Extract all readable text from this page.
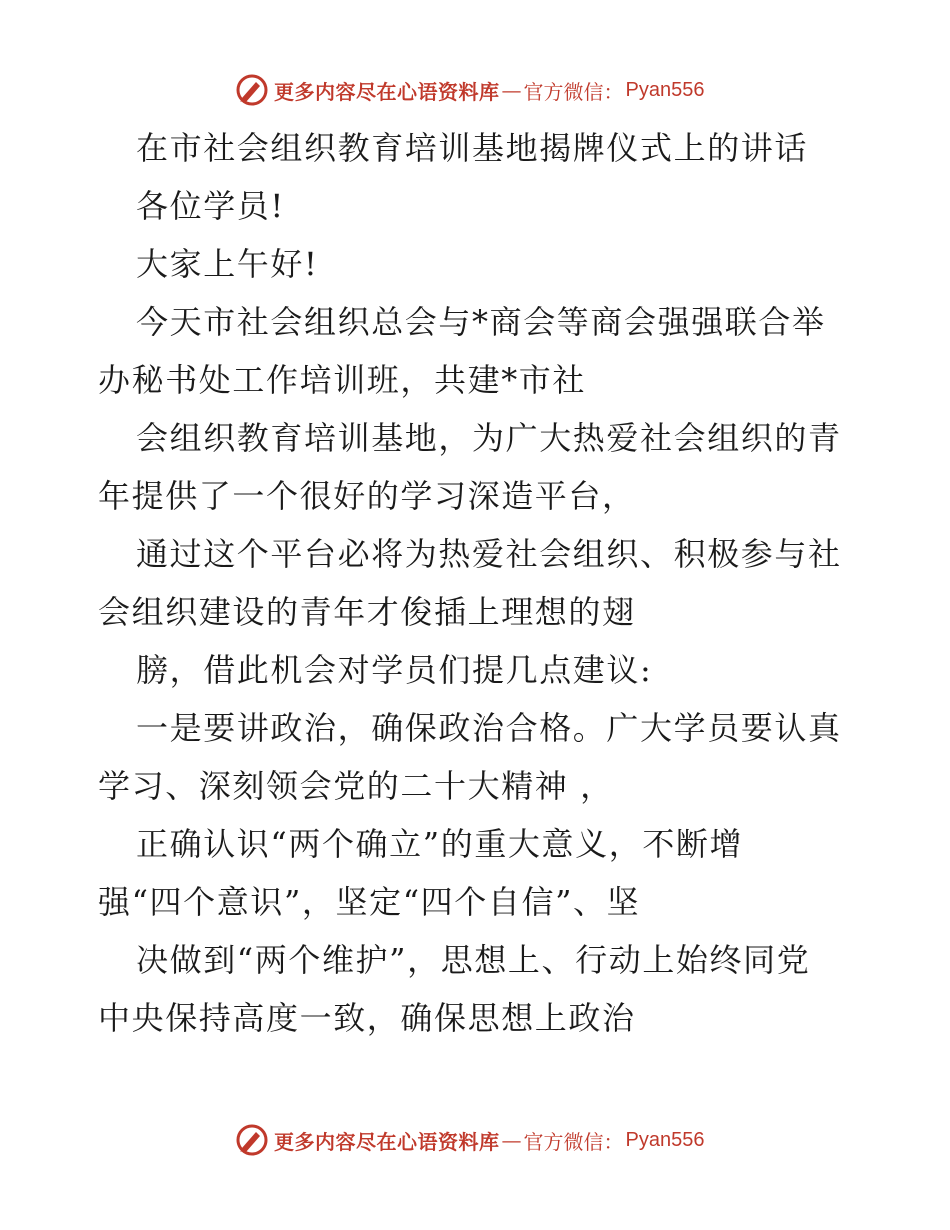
更多内容尽在心语资料库 — 官方微信： Pyan556
在市社会组织教育培训基地揭牌仪式上的讲话
各位学员!
大家上午好!
今天市社会组织总会与*商会等商会强强联合举
办秘书处工作培训班，共建*市社
会组织教育培训基地，为广大热爱社会组织的青
年提供了一个很好的学习深造平台，
通过这个平台必将为热爱社会组织、积极参与社
会组织建设的青年才俊插上理想的翅
膀，借此机会对学员们提几点建议:
一是要讲政治，确保政治合格。广大学员要认真
学习、深刻领会党的二十大精神 ，
正确认识“两个确立”的重大意义，不断增
强“四个意识”，坚定“四个自信”、坚
决做到“两个维护”，思想上、行动上始终同党
中央保持高度一致，确保思想上政治
更多内容尽在心语资料库 — 官方微信： Pyan556
